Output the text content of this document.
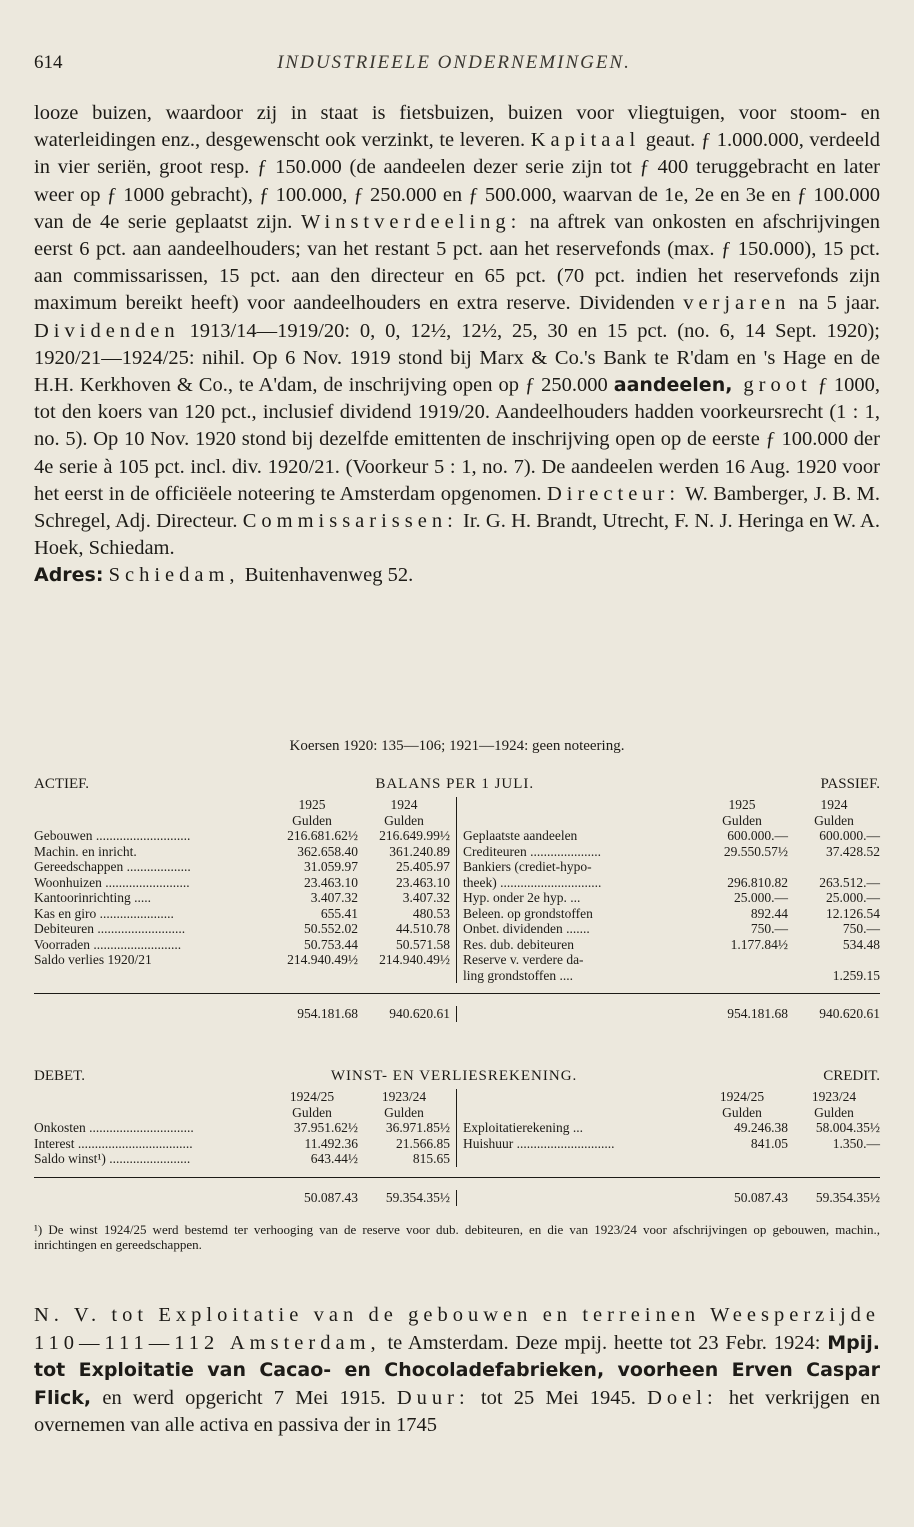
614	INDUSTRIEELE ONDERNEMINGEN.

looze buizen, waardoor zij in staat is fietsbuizen, buizen voor vliegtuigen, voor stoom- en waterleidingen enz., desgewenscht ook verzinkt, te leveren. Kapitaal geaut. ƒ 1.000.000, verdeeld in vier seriën, groot resp. ƒ 150.000 (de aandeelen dezer serie zijn tot ƒ 400 teruggebracht en later weer op ƒ 1000 gebracht), ƒ 100.000, ƒ 250.000 en ƒ 500.000, waarvan de 1e, 2e en 3e en ƒ 100.000 van de 4e serie geplaatst zijn. Winstverdeeling: na aftrek van onkosten en afschrijvingen eerst 6 pct. aan aandeelhouders; van het restant 5 pct. aan het reservefonds (max. ƒ 150.000), 15 pct. aan commissarissen, 15 pct. aan den directeur en 65 pct. (70 pct. indien het reservefonds zijn maximum bereikt heeft) voor aandeelhouders en extra reserve. Dividenden verjaren na 5 jaar. Dividenden 1913/14—1919/20: 0, 0, 12½, 12½, 25, 30 en 15 pct. (no. 6, 14 Sept. 1920); 1920/21—1924/25: nihil. Op 6 Nov. 1919 stond bij Marx & Co.'s Bank te R'dam en 's Hage en de H.H. Kerkhoven & Co., te A'dam, de inschrijving open op ƒ 250.000 aandeelen, groot ƒ 1000, tot den koers van 120 pct., inclusief dividend 1919/20. Aandeelhouders hadden voorkeursrecht (1 : 1, no. 5). Op 10 Nov. 1920 stond bij dezelfde emittenten de inschrijving open op de eerste ƒ 100.000 der 4e serie à 105 pct. incl. div. 1920/21. (Voorkeur 5 : 1, no. 7). De aandeelen werden 16 Aug. 1920 voor het eerst in de officiëele noteering te Amsterdam opgenomen. Directeur: W. Bamberger, J. B. M. Schregel, Adj. Directeur. Commissarissen: Ir. G. H. Brandt, Utrecht, F. N. J. Heringa en W. A. Hoek, Schiedam.

Adres: Schiedam, Buitenhavenweg 52.

Koersen 1920: 135—106; 1921—1924: geen noteering.
ACTIEF.	BALANS PER 1 JULI.	PASSIEF.
1925	1924
Gulden	Gulden
Gebouwen ............................	216.681.62½	216.649.99½
Machin. en inricht.	362.658.40	361.240.89
Gereedschappen ...................	31.059.97	25.405.97
Woonhuizen .........................	23.463.10	23.463.10
Kantoorinrichting .....	3.407.32	3.407.32
Kas en giro ......................	655.41	480.53
Debiteuren ..........................	50.552.02	44.510.78
Voorraden ..........................	50.753.44	50.571.58
Saldo verlies 1920/21	214.940.49½	214.940.49½
1925	1924
Gulden	Gulden
Geplaatste aandeelen	600.000.—	600.000.—
Crediteuren .....................	29.550.57½	37.428.52
Bankiers (crediet-hypo-
theek) ..............................	296.810.82	263.512.—
Hyp. onder 2e hyp. ...	25.000.—	25.000.—
Beleen. op grondstoffen	892.44	12.126.54
Onbet. dividenden .......	750.—	750.—
Res. dub. debiteuren	1.177.84½	534.48
Reserve v. verdere da-
ling grondstoffen ....	1.259.15
954.181.68	940.620.61	954.181.68	940.620.61
DEBET.	WINST- EN VERLIESREKENING.	CREDIT.
1924/25	1923/24
Gulden	Gulden
Onkosten ...............................	37.951.62½	36.971.85½
Interest ..................................	11.492.36	21.566.85
Saldo winst¹) ........................	643.44½	815.65
1924/25	1923/24
Gulden	Gulden
Exploitatierekening ...	49.246.38	58.004.35½
Huishuur .............................	841.05	1.350.—
50.087.43	59.354.35½	50.087.43	59.354.35½
¹) De winst 1924/25 werd bestemd ter verhooging van de reserve voor dub. debiteuren, en die van 1923/24 voor afschrijvingen op gebouwen, machin., inrichtingen en gereedschappen.

N. V. tot Exploitatie van de gebouwen en terreinen Weesperzijde 110—111—112 Amsterdam, te Amsterdam. Deze mpij. heette tot 23 Febr. 1924: Mpij. tot Exploitatie van Cacao- en Chocoladefabrieken, voorheen Erven Caspar Flick, en werd opgericht 7 Mei 1915. Duur: tot 25 Mei 1945. Doel: het verkrijgen en overnemen van alle activa en passiva der in 1745
